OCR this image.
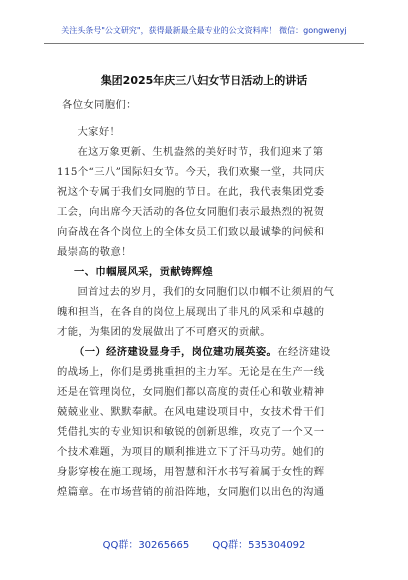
关注头条号"公文研究"，获得最新最全最专业的公文资料库！ 微信：gongwenyj
集团2025年庆三八妇女节日活动上的讲话
各位女同胞们：
大家好！
在这万象更新、生机盎然的美好时节，我们迎来了第
115个“三八”国际妇女节。今天，我们欢聚一堂，共同庆
祝这个专属于我们女同胞的节日。在此，我代表集团党委
工会，向出席今天活动的各位女同胞们表示最热烈的祝贺
向奋战在各个岗位上的全体女员工们致以最诚挚的问候和
最崇高的敬意！
一、巾帼展风采，贡献铸辉煌
回首过去的岁月，我们的女同胞们以巾帼不让须眉的气
魄和担当，在各自的岗位上展现出了非凡的风采和卓越的
才能，为集团的发展做出了不可磨灭的贡献。
（一）经济建设显身手，岗位建功展英姿。在经济建设
的战场上，你们是勇挑重担的主力军。无论是在生产一线
还是在管理岗位，女同胞们都以高度的责任心和敬业精神
兢兢业业、默默奉献。在风电建设项目中，女技术骨干们
凭借扎实的专业知识和敏锐的创新思维，攻克了一个又一
个技术难题，为项目的顺利推进立下了汗马功劳。她们的
身影穿梭在施工现场，用智慧和汗水书写着属于女性的辉
煌篇章。在市场营销的前沿阵地，女同胞们以出色的沟通
QQ群：30265665 QQ群：535304092
